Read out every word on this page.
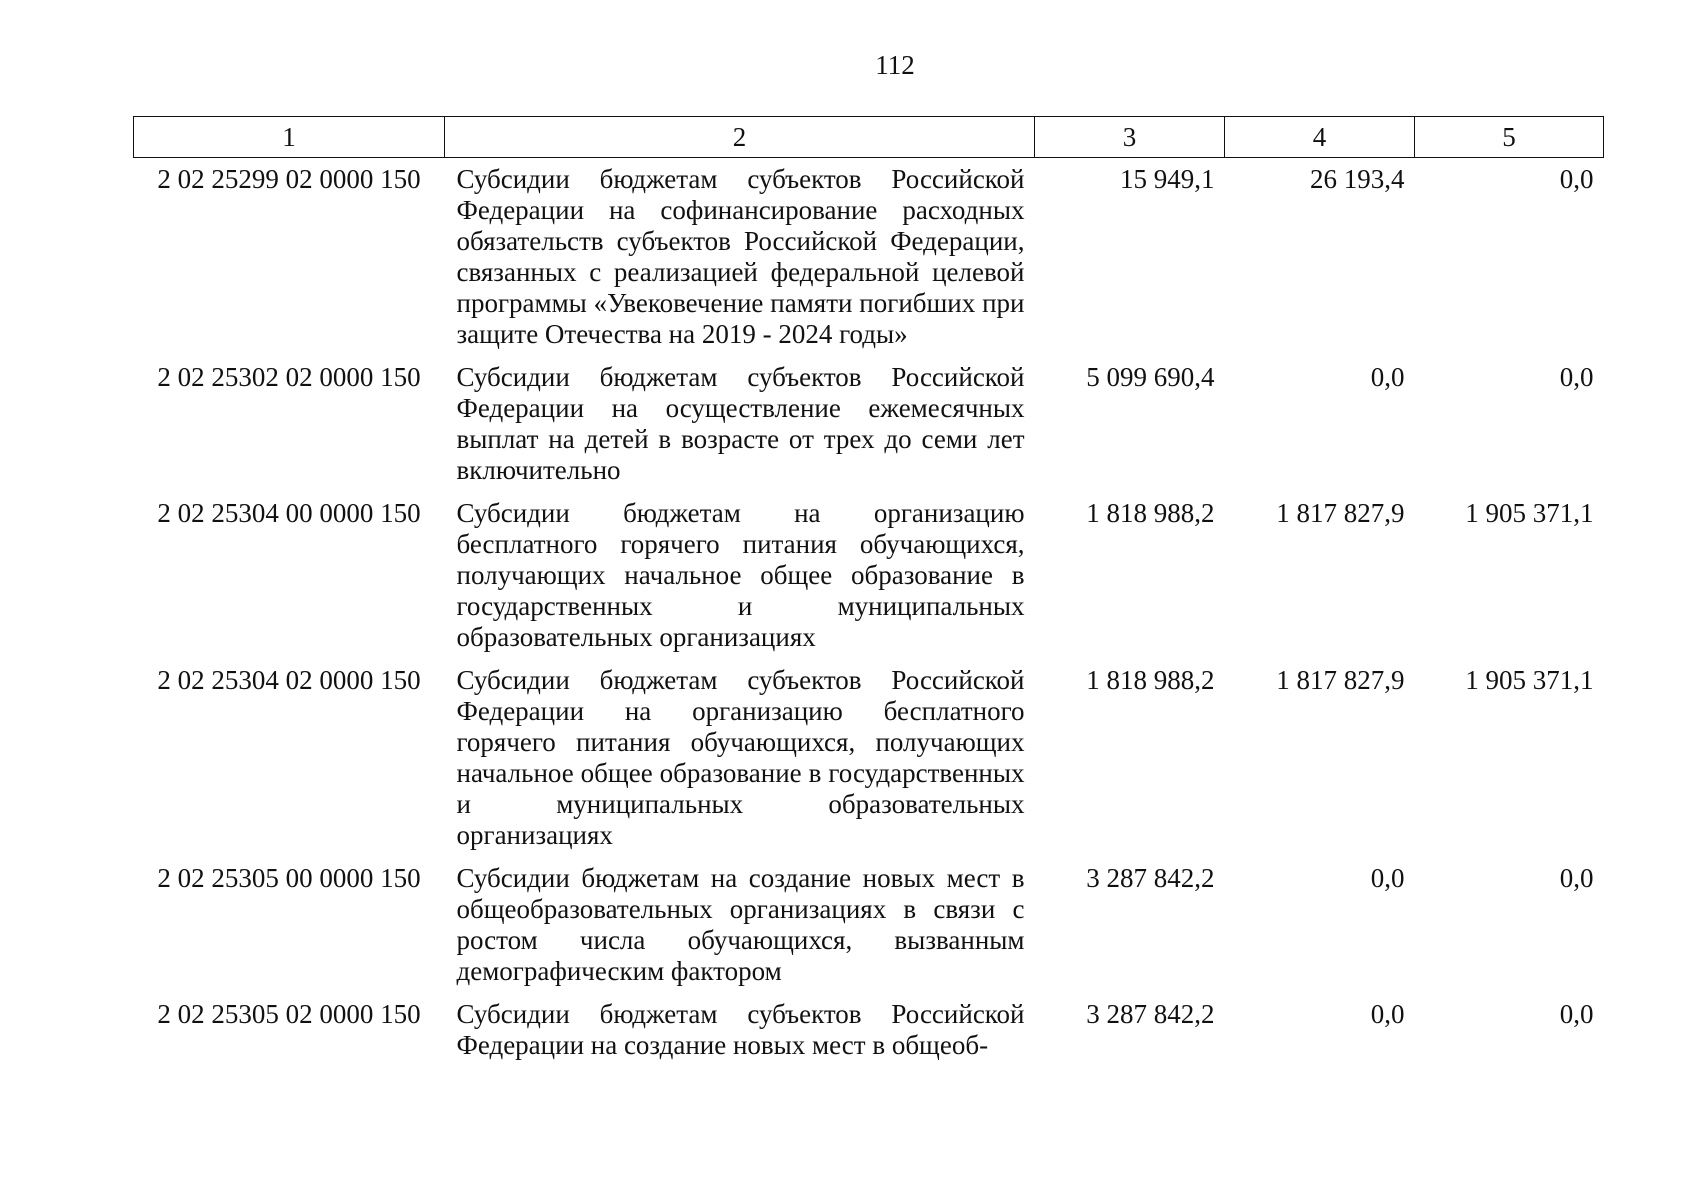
112
1	2	3	4	5
2 02 25299 02 0000 150	Субсидии бюджетам субъектов Российской Федерации на софинансирование расходных обязательств субъектов Российской Федерации, связанных с реализацией федеральной целевой программы «Увековечение памяти погибших при защите Отечества на 2019 - 2024 годы»	15 949,1	26 193,4	0,0
2 02 25302 02 0000 150	Субсидии бюджетам субъектов Российской Федерации на осуществление ежемесячных выплат на детей в возрасте от трех до семи лет включительно	5 099 690,4	0,0	0,0
2 02 25304 00 0000 150	Субсидии бюджетам на организацию бесплатного горячего питания обучающихся, получающих начальное общее образование в государственных и муниципальных образовательных организациях	1 818 988,2	1 817 827,9	1 905 371,1
2 02 25304 02 0000 150	Субсидии бюджетам субъектов Российской Федерации на организацию бесплатного горячего питания обучающихся, получающих начальное общее образование в государственных и муниципальных образовательных организациях	1 818 988,2	1 817 827,9	1 905 371,1
2 02 25305 00 0000 150	Субсидии бюджетам на создание новых мест в общеобразовательных организациях в связи с ростом числа обучающихся, вызванным демографическим фактором	3 287 842,2	0,0	0,0
2 02 25305 02 0000 150	Субсидии бюджетам субъектов Российской Федерации на создание новых мест в общеоб-	3 287 842,2	0,0	0,0
